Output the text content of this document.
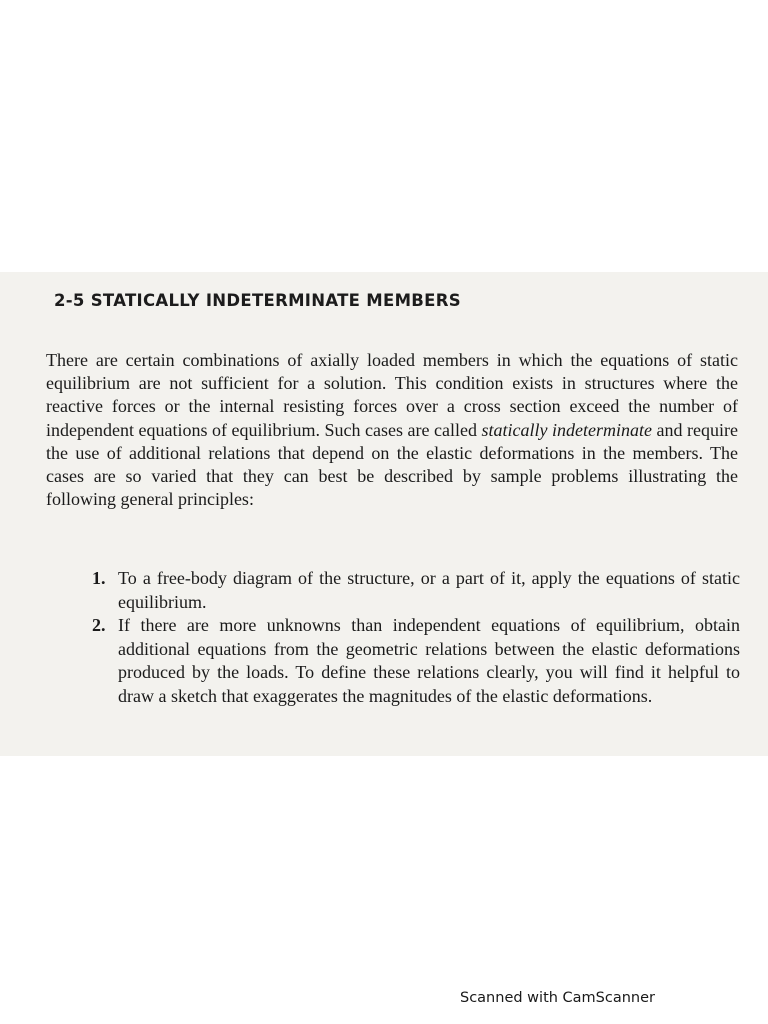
2-5 STATICALLY INDETERMINATE MEMBERS

There are certain combinations of axially loaded members in which the equations of static equilibrium are not sufficient for a solution. This condition exists in structures where the reactive forces or the internal resisting forces over a cross section exceed the number of independent equations of equilibrium. Such cases are called statically indeterminate and require the use of additional relations that depend on the elastic deformations in the members. The cases are so varied that they can best be described by sample problems illustrating the following general principles:

1. To a free-body diagram of the structure, or a part of it, apply the equations of static equilibrium.
2. If there are more unknowns than independent equations of equilibrium, obtain additional equations from the geometric relations between the elastic deformations produced by the loads. To define these relations clearly, you will find it helpful to draw a sketch that exaggerates the magnitudes of the elastic deformations.
Scanned with CamScanner
